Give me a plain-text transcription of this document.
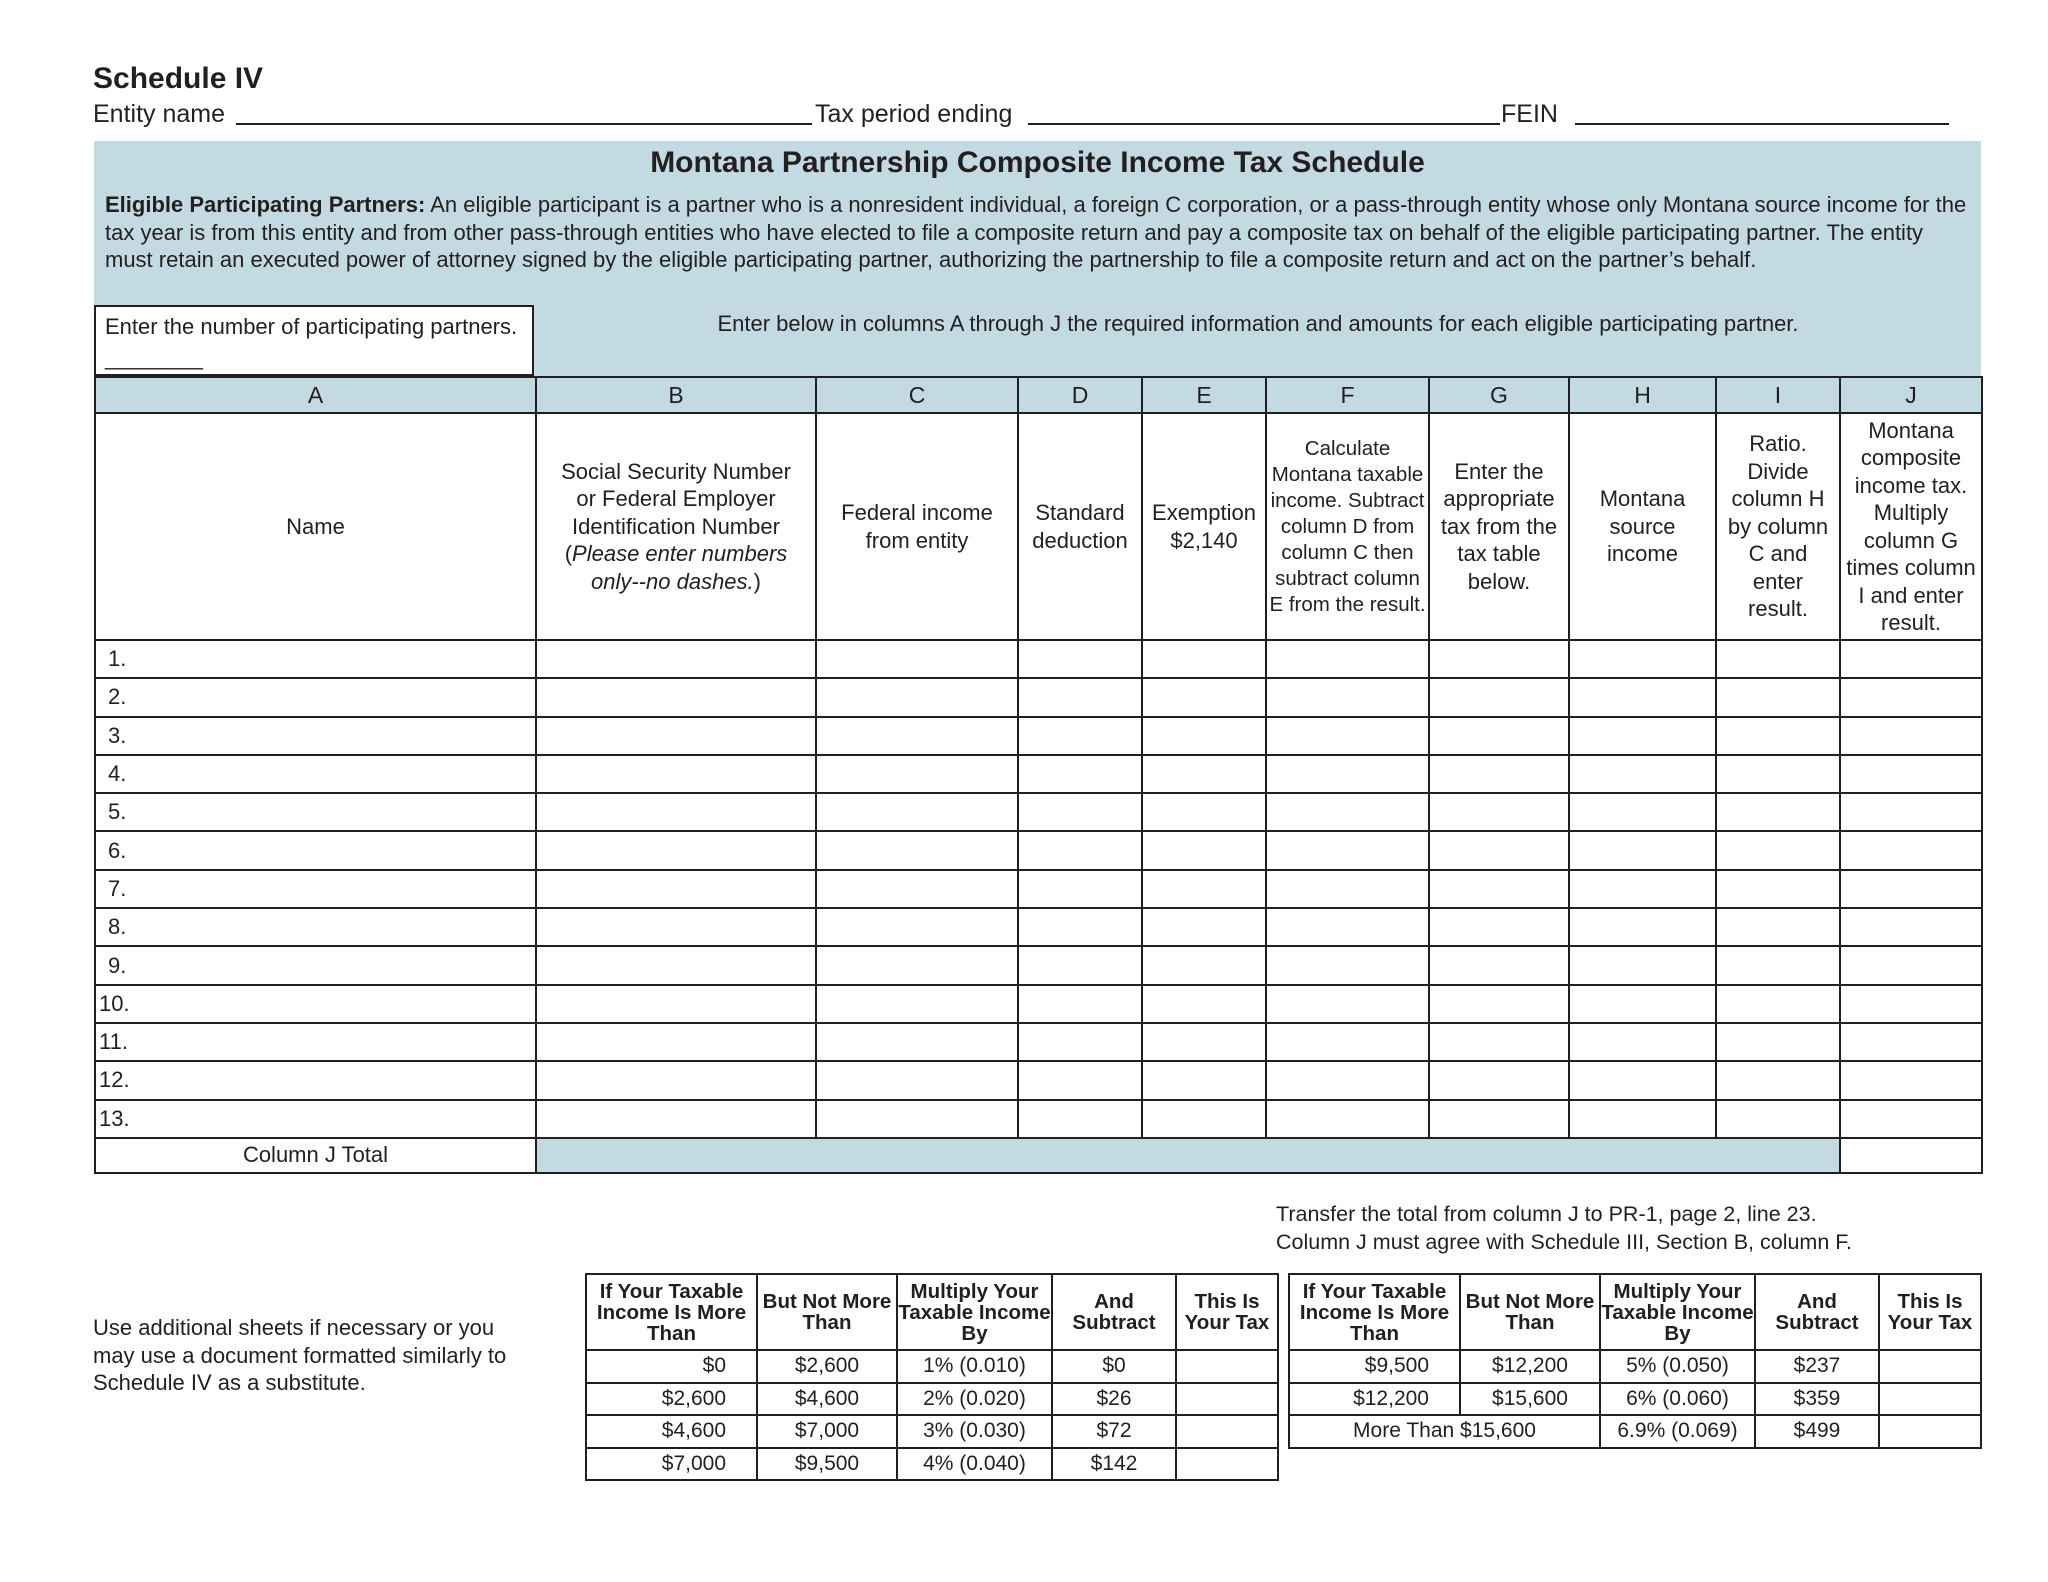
Schedule IV
Entity name	Tax period ending	FEIN
Montana Partnership Composite Income Tax Schedule
Eligible Participating Partners: An eligible participant is a partner who is a nonresident individual, a foreign C corporation, or a pass-through entity whose only Montana source income for the tax year is from this entity and from other pass-through entities who have elected to file a composite return and pay a composite tax on behalf of the eligible participating partner. The entity must retain an executed power of attorney signed by the eligible participating partner, authorizing the partnership to file a composite return and act on the partner’s behalf.
Enter the number of participating partners.  ________
Enter below in columns A through J the required information and amounts for each eligible participating partner.
A	B	C	D	E	F	G	H	I	J
Name	Social Security Number or Federal Employer Identification Number (Please enter numbers only--no dashes.)	Federal income from entity	Standard deduction	Exemption $2,140	Calculate Montana taxable income. Subtract column D from column C then subtract column E from the result.	Enter the appropriate tax from the tax table below.	Montana source income	Ratio. Divide column H by column C and enter result.	Montana composite income tax. Multiply column G times column I and enter result.
1.									
2.									
3.									
4.									
5.									
6.									
7.									
8.									
9.									
10.									
11.									
12.									
13.									
Column J Total									
Transfer the total from column J to PR-1, page 2, line 23.
Column J must agree with Schedule III, Section B, column F.
Use additional sheets if necessary or you may use a document formatted similarly to Schedule IV as a substitute.
If Your Taxable Income Is More Than	But Not More Than	Multiply Your Taxable Income By	And Subtract	This Is Your Tax
$0	$2,600	1% (0.010)	$0	
$2,600	$4,600	2% (0.020)	$26	
$4,600	$7,000	3% (0.030)	$72	
$7,000	$9,500	4% (0.040)	$142	
If Your Taxable Income Is More Than	But Not More Than	Multiply Your Taxable Income By	And Subtract	This Is Your Tax
$9,500	$12,200	5% (0.050)	$237	
$12,200	$15,600	6% (0.060)	$359	
More Than $15,600		6.9% (0.069)	$499	
